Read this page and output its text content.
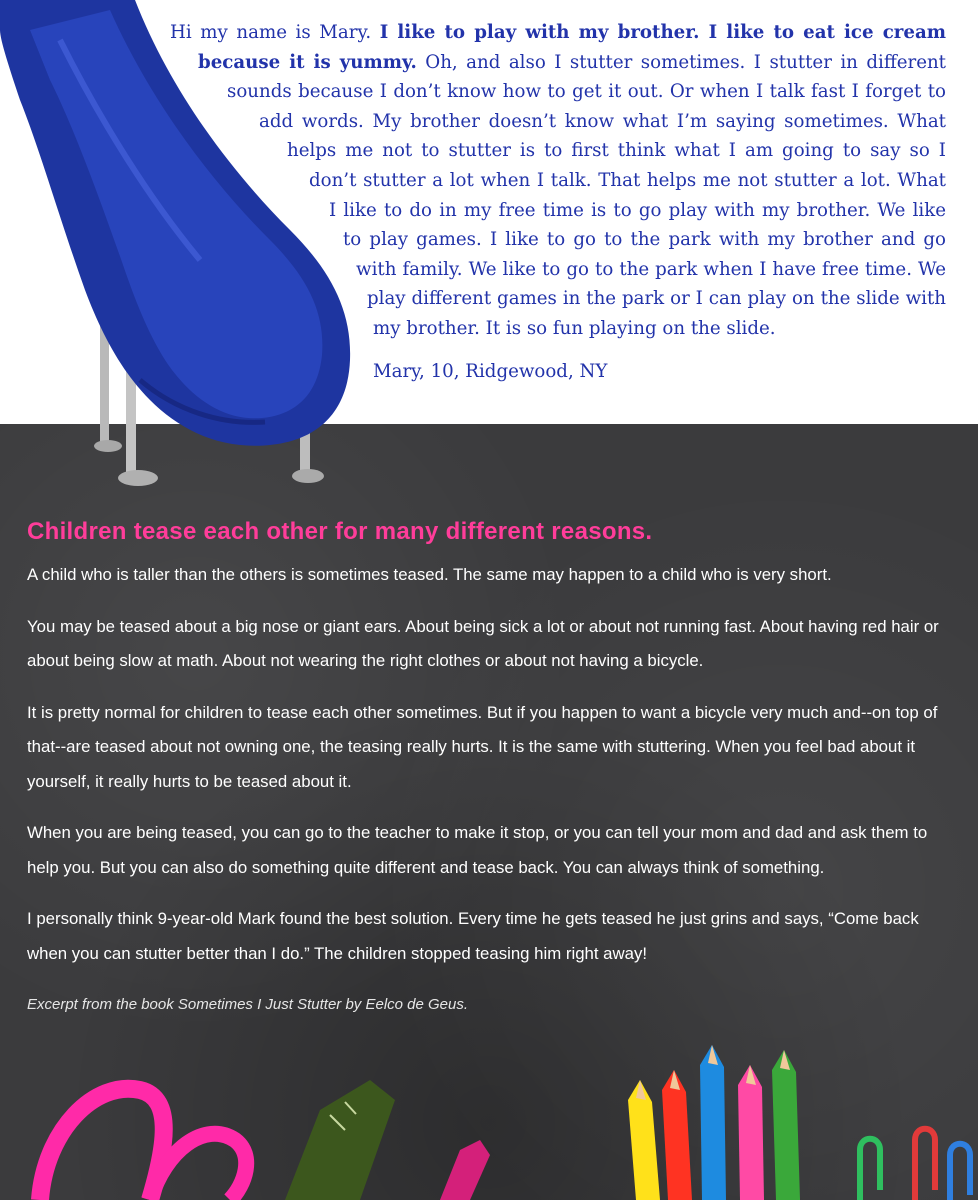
Hi my name is Mary. I like to play with my brother. I like to eat ice cream because it is yummy. Oh, and also I stutter sometimes. I stutter in different sounds because I don’t know how to get it out. Or when I talk fast I forget to add words. My brother doesn’t know what I’m saying sometimes. What helps me not to stutter is to first think what I am going to say so I don’t stutter a lot when I talk. That helps me not stutter a lot. What I like to do in my free time is to go play with my brother. We like to play games. I like to go to the park with my brother and go with family. We like to go to the park when I have free time. We play different games in the park or I can play on the slide with my brother. It is so fun playing on the slide.

Mary, 10, Ridgewood, NY
Children tease each other for many different reasons.

A child who is taller than the others is sometimes teased. The same may happen to a child who is very short.

You may be teased about a big nose or giant ears. About being sick a lot or about not running fast. About having red hair or about being slow at math. About not wearing the right clothes or about not having a bicycle.

It is pretty normal for children to tease each other sometimes. But if you happen to want a bicycle very much and--on top of that--are teased about not owning one, the teasing really hurts. It is the same with stuttering. When you feel bad about it yourself, it really hurts to be teased about it.

When you are being teased, you can go to the teacher to make it stop, or you can tell your mom and dad and ask them to help you. But you can also do something quite different and tease back. You can always think of something.

I personally think 9-year-old Mark found the best solution. Every time he gets teased he just grins and says, “Come back when you can stutter better than I do.” The children stopped teasing him right away!

Excerpt from the book Sometimes I Just Stutter by Eelco de Geus.
